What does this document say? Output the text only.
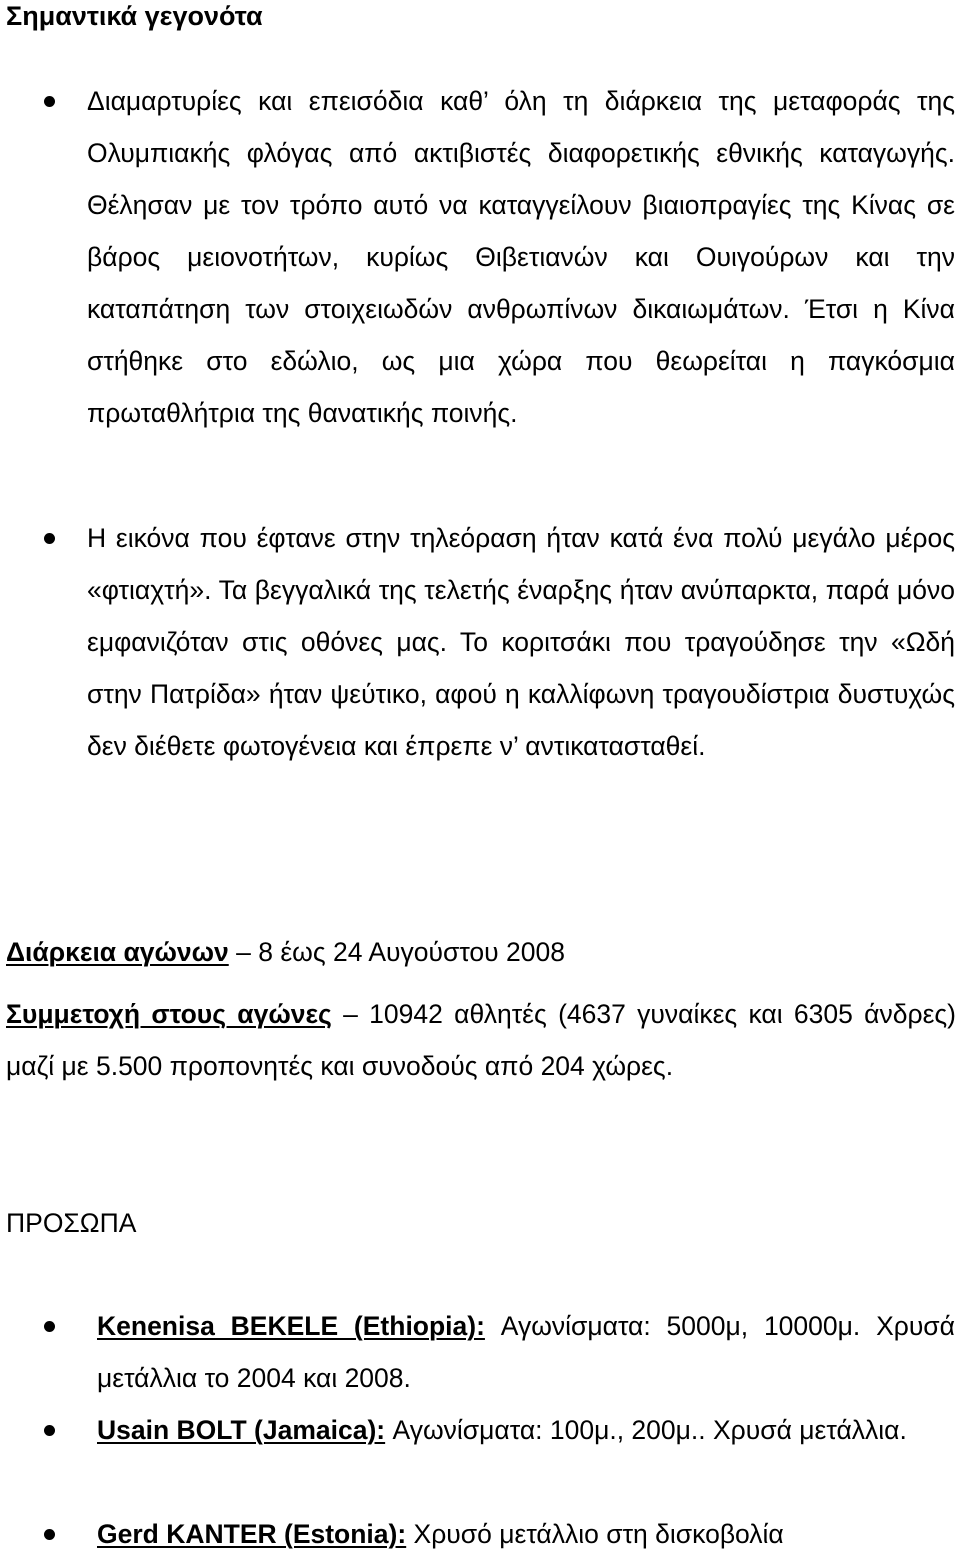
Σημαντικά γεγονότα
Διαμαρτυρίες και επεισόδια καθ’ όλη τη διάρκεια της μεταφοράς της Ολυμπιακής φλόγας από ακτιβιστές διαφορετικής εθνικής καταγωγής. Θέλησαν με τον τρόπο αυτό να καταγγείλουν βιαιοπραγίες της Κίνας σε βάρος μειονοτήτων, κυρίως Θιβετιανών και Ουιγούρων και την καταπάτηση των στοιχειωδών ανθρωπίνων δικαιωμάτων. Έτσι η Κίνα στήθηκε στο εδώλιο, ως μια χώρα που θεωρείται η παγκόσμια πρωταθλήτρια της θανατικής ποινής.
Η εικόνα που έφτανε στην τηλεόραση ήταν κατά ένα πολύ μεγάλο μέρος «φτιαχτή». Τα βεγγαλικά της τελετής έναρξης ήταν ανύπαρκτα, παρά μόνο εμφανιζόταν στις οθόνες μας. Το κοριτσάκι που τραγούδησε την «Ωδή στην Πατρίδα» ήταν ψεύτικο, αφού η καλλίφωνη τραγουδίστρια δυστυχώς δεν διέθετε φωτογένεια και έπρεπε ν’ αντικατασταθεί.
Διάρκεια αγώνων – 8 έως 24 Αυγούστου 2008
Συμμετοχή στους αγώνες – 10942 αθλητές (4637 γυναίκες και 6305 άνδρες) μαζί με 5.500 προπονητές και συνοδούς από 204 χώρες.
ΠΡΟΣΩΠΑ
Kenenisa BEKELE (Ethiopia): Αγωνίσματα: 5000μ, 10000μ. Χρυσά μετάλλια το 2004 και 2008.
Usain BOLT (Jamaica): Αγωνίσματα: 100μ., 200μ.. Χρυσά μετάλλια.
Gerd KANTER (Estonia): Χρυσό μετάλλιο στη δισκοβολία
